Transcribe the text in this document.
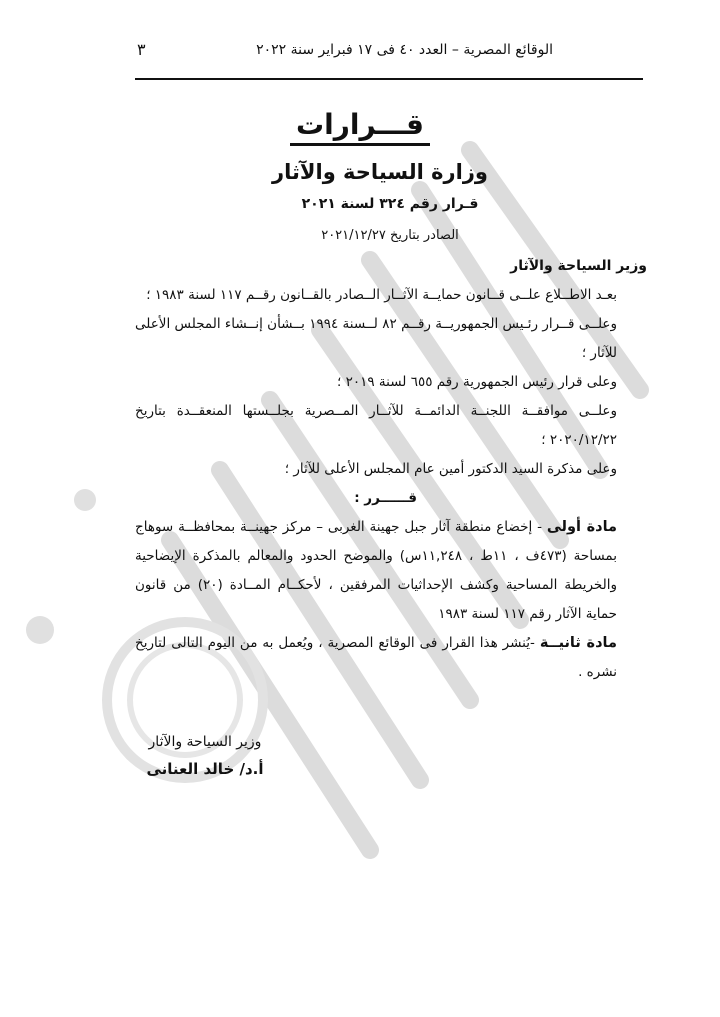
الوقائع المصرية – العدد ٤٠ فى ١٧ فبراير سنة ٢٠٢٢
٣
قـــرارات
وزارة السياحة والآثار
قـرار رقم ٣٢٤ لسنة ٢٠٢١
الصادر بتاريخ ٢٠٢١/١٢/٢٧

وزير السياحة والآثار

بعـد الاطــلاع علــى قــانون حمايــة الآثــار الــصادر بالقــانون رقــم ١١٧ لسنة ١٩٨٣ ؛

وعلــى قــرار رئـيس الجمهوريــة رقــم ٨٢ لــسنة ١٩٩٤ بــشأن إنــشاء المجلس الأعلى للآثار ؛

وعلى قرار رئيس الجمهورية رقم ٦٥٥ لسنة ٢٠١٩ ؛

وعلــى موافقــة اللجنــة الدائمــة للآثــار المــصرية بجلــستها المنعقــدة بتاريخ ٢٠٢٠/١٢/٢٢ ؛

وعلى مذكرة السيد الدكتور أمين عام المجلس الأعلى للآثار ؛

قــــــرر :

مادة أولى - إخضاع منطقة آثار جبل جهينة الغربى – مركز جهينــة بمحافظــة سوهاج بمساحة (٤٧٣ف ، ١١ط ، ١١,٢٤٨س) والموضح الحدود والمعالم بالمذكرة الإيضاحية والخريطة المساحية وكشف الإحداثيات المرفقين ، لأحكــام المــادة (٢٠) من قانون حماية الآثار رقم ١١٧ لسنة ١٩٨٣

مادة ثانيــة -يُنشر هذا القرار فى الوقائع المصرية ، ويُعمل به من اليوم التالى لتاريخ نشره .

وزير السياحة والآثار
أ.د/ خالد العنانى
